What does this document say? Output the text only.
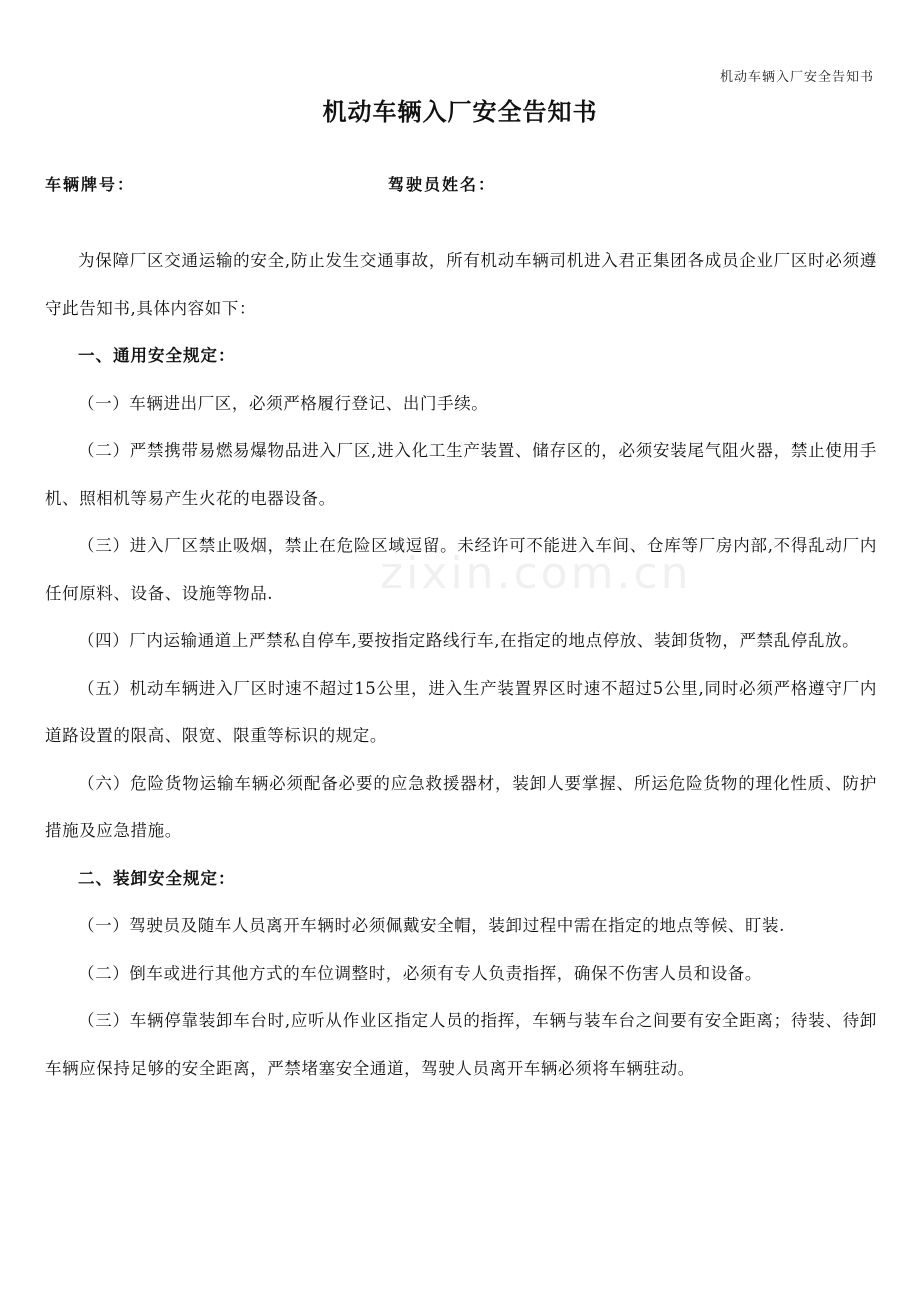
机动车辆入厂安全告知书
机动车辆入厂安全告知书
车辆牌号：	驾驶员姓名：
zixin.com.cn

为保障厂区交通运输的安全,防止发生交通事故，所有机动车辆司机进入君正集团各成员企业厂区时必须遵守此告知书,具体内容如下：

一、通用安全规定：

（一）车辆进出厂区，必须严格履行登记、出门手续。

（二）严禁携带易燃易爆物品进入厂区,进入化工生产装置、储存区的，必须安装尾气阻火器，禁止使用手机、照相机等易产生火花的电器设备。

（三）进入厂区禁止吸烟，禁止在危险区域逗留。未经许可不能进入车间、仓库等厂房内部,不得乱动厂内任何原料、设备、设施等物品.

（四）厂内运输通道上严禁私自停车,要按指定路线行车,在指定的地点停放、装卸货物，严禁乱停乱放。

（五）机动车辆进入厂区时速不超过15公里，进入生产装置界区时速不超过5公里,同时必须严格遵守厂内道路设置的限高、限宽、限重等标识的规定。

（六）危险货物运输车辆必须配备必要的应急救援器材，装卸人要掌握、所运危险货物的理化性质、防护措施及应急措施。

二、装卸安全规定：

（一）驾驶员及随车人员离开车辆时必须佩戴安全帽，装卸过程中需在指定的地点等候、盯装.

（二）倒车或进行其他方式的车位调整时，必须有专人负责指挥，确保不伤害人员和设备。

（三）车辆停靠装卸车台时,应听从作业区指定人员的指挥，车辆与装车台之间要有安全距离；待装、待卸车辆应保持足够的安全距离，严禁堵塞安全通道，驾驶人员离开车辆必须将车辆驻动。
